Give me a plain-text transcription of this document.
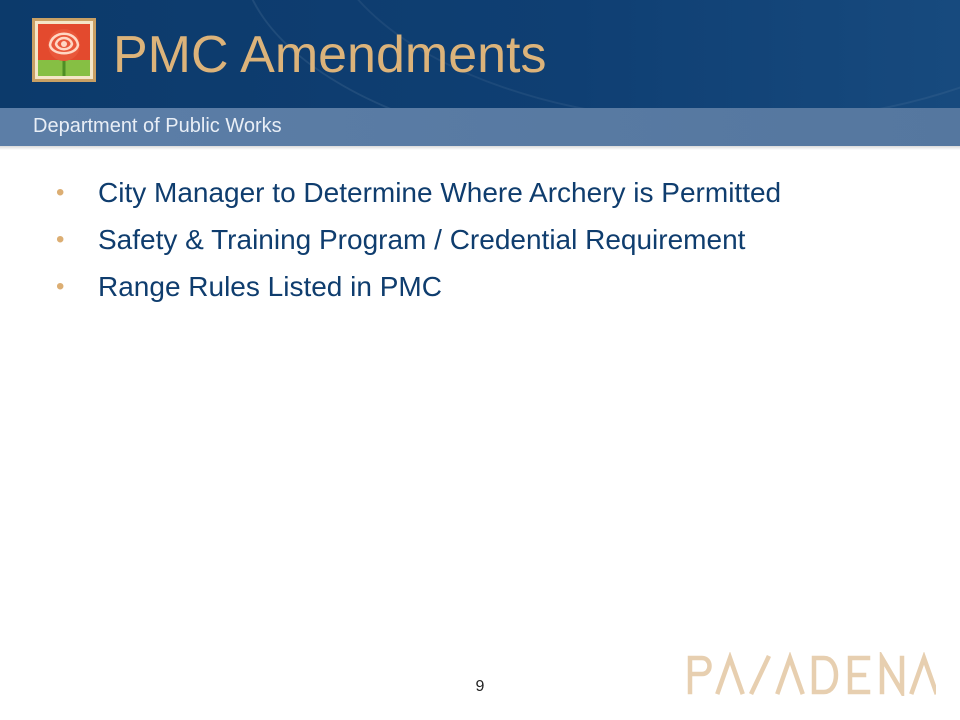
PMC Amendments
Department of Public Works
• City Manager to Determine Where Archery is Permitted
• Safety & Training Program / Credential Requirement
• Range Rules Listed in PMC
9
